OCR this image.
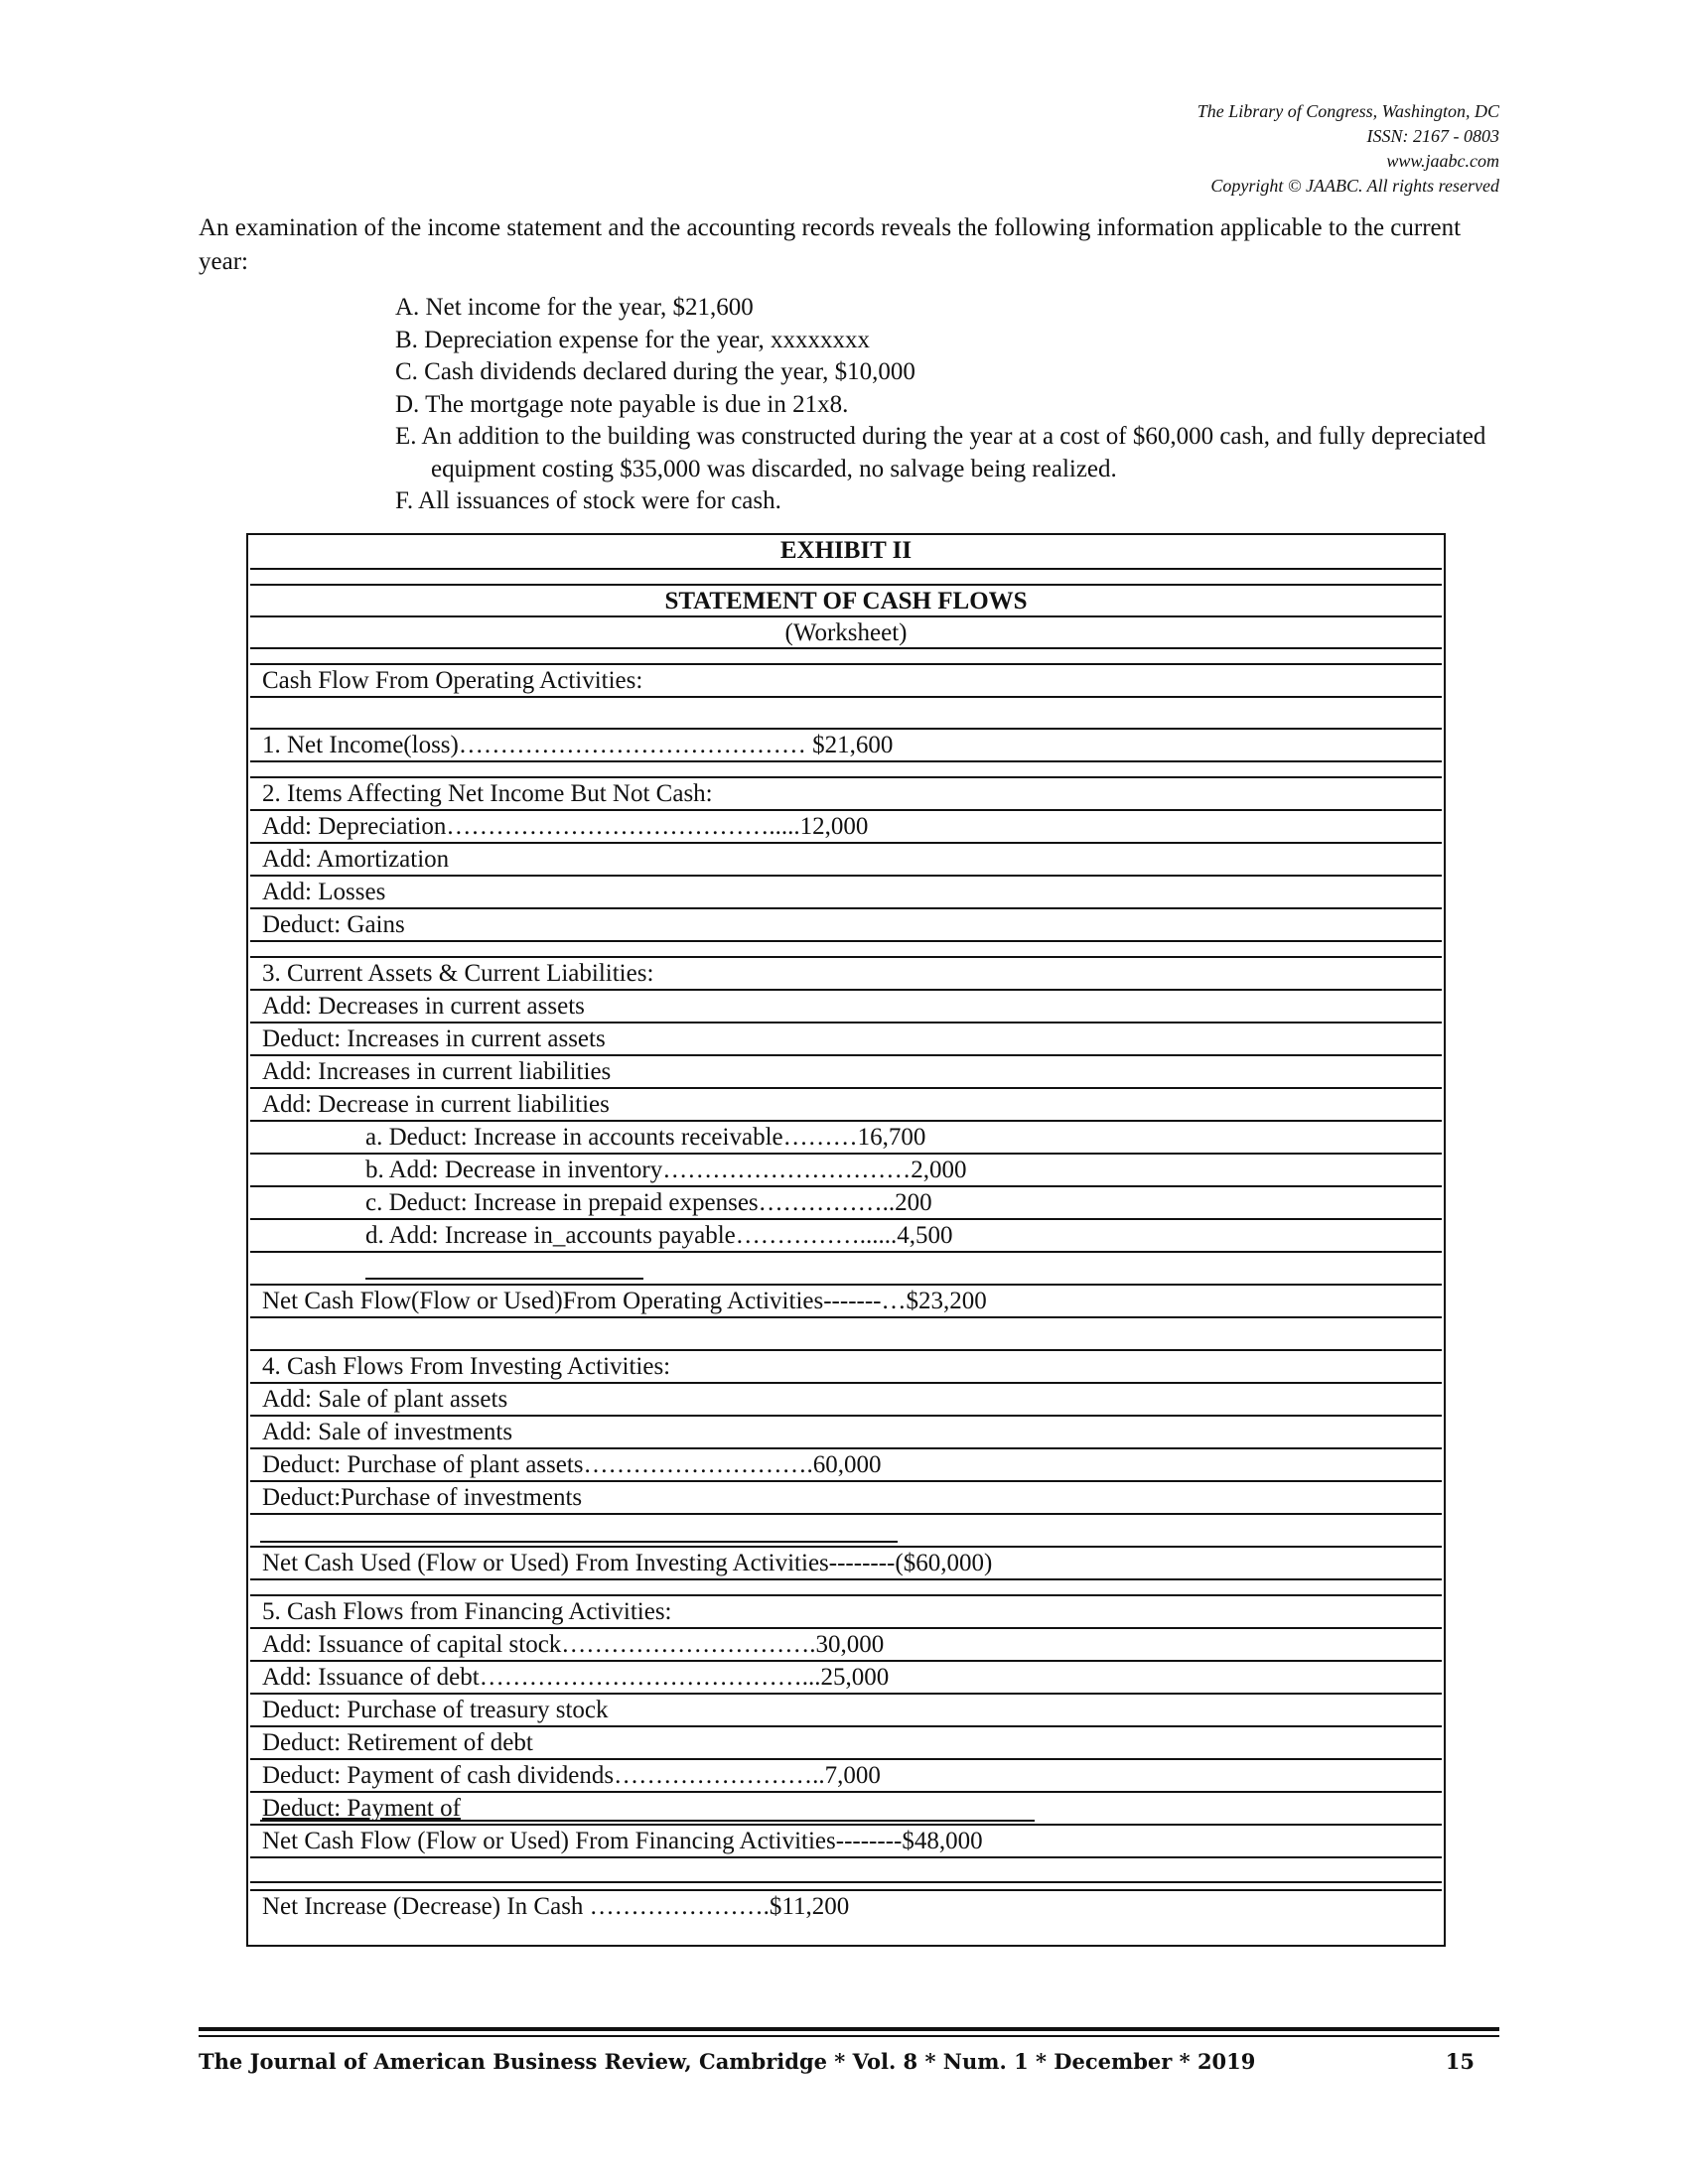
The Library of Congress, Washington, DC
ISSN: 2167 - 0803
www.jaabc.com
Copyright © JAABC. All rights reserved
An examination of the income statement and the accounting records reveals the following information applicable to the current year:
A. Net income for the year, $21,600
B. Depreciation expense for the year, xxxxxxxx
C. Cash dividends declared during the year, $10,000
D. The mortgage note payable is due in 21x8.
E. An addition to the building was constructed during the year at a cost of $60,000 cash, and fully depreciated equipment costing $35,000 was discarded, no salvage being realized.
F. All issuances of stock were for cash.
EXHIBIT II
STATEMENT OF CASH FLOWS
(Worksheet)
Cash Flow From Operating Activities:
1. Net Income(loss)…………………………………… $21,600
2. Items Affecting Net Income But Not Cash:
Add: Depreciation………………………………….....12,000
Add: Amortization
Add: Losses
Deduct: Gains
3. Current Assets & Current Liabilities:
Add: Decreases in current assets
Deduct: Increases in current assets
Add: Increases in current liabilities
Add: Decrease in current liabilities
a. Deduct: Increase in accounts receivable………16,700
b. Add: Decrease in inventory…………………………2,000
c. Deduct: Increase in prepaid expenses……………..200
d. Add: Increase in_accounts payable……………......4,500
Net Cash Flow(Flow or Used)From Operating Activities-------…$23,200
4. Cash Flows From Investing Activities:
Add: Sale of plant assets
Add: Sale of investments
Deduct: Purchase of plant assets……………………….60,000
Deduct:Purchase of investments
Net Cash Used (Flow or Used) From Investing Activities--------($60,000)
5. Cash Flows from Financing Activities:
Add: Issuance of capital stock………………………….30,000
Add: Issuance of debt…………………………………...25,000
Deduct: Purchase of treasury stock
Deduct: Retirement of debt
Deduct: Payment of cash dividends……………………..7,000
Deduct: Payment of
Net Cash Flow (Flow or Used) From Financing Activities--------$48,000
Net Increase (Decrease) In Cash ………………….$11,200
The Journal of American Business Review, Cambridge * Vol. 8 * Num. 1 * December * 2019	15
